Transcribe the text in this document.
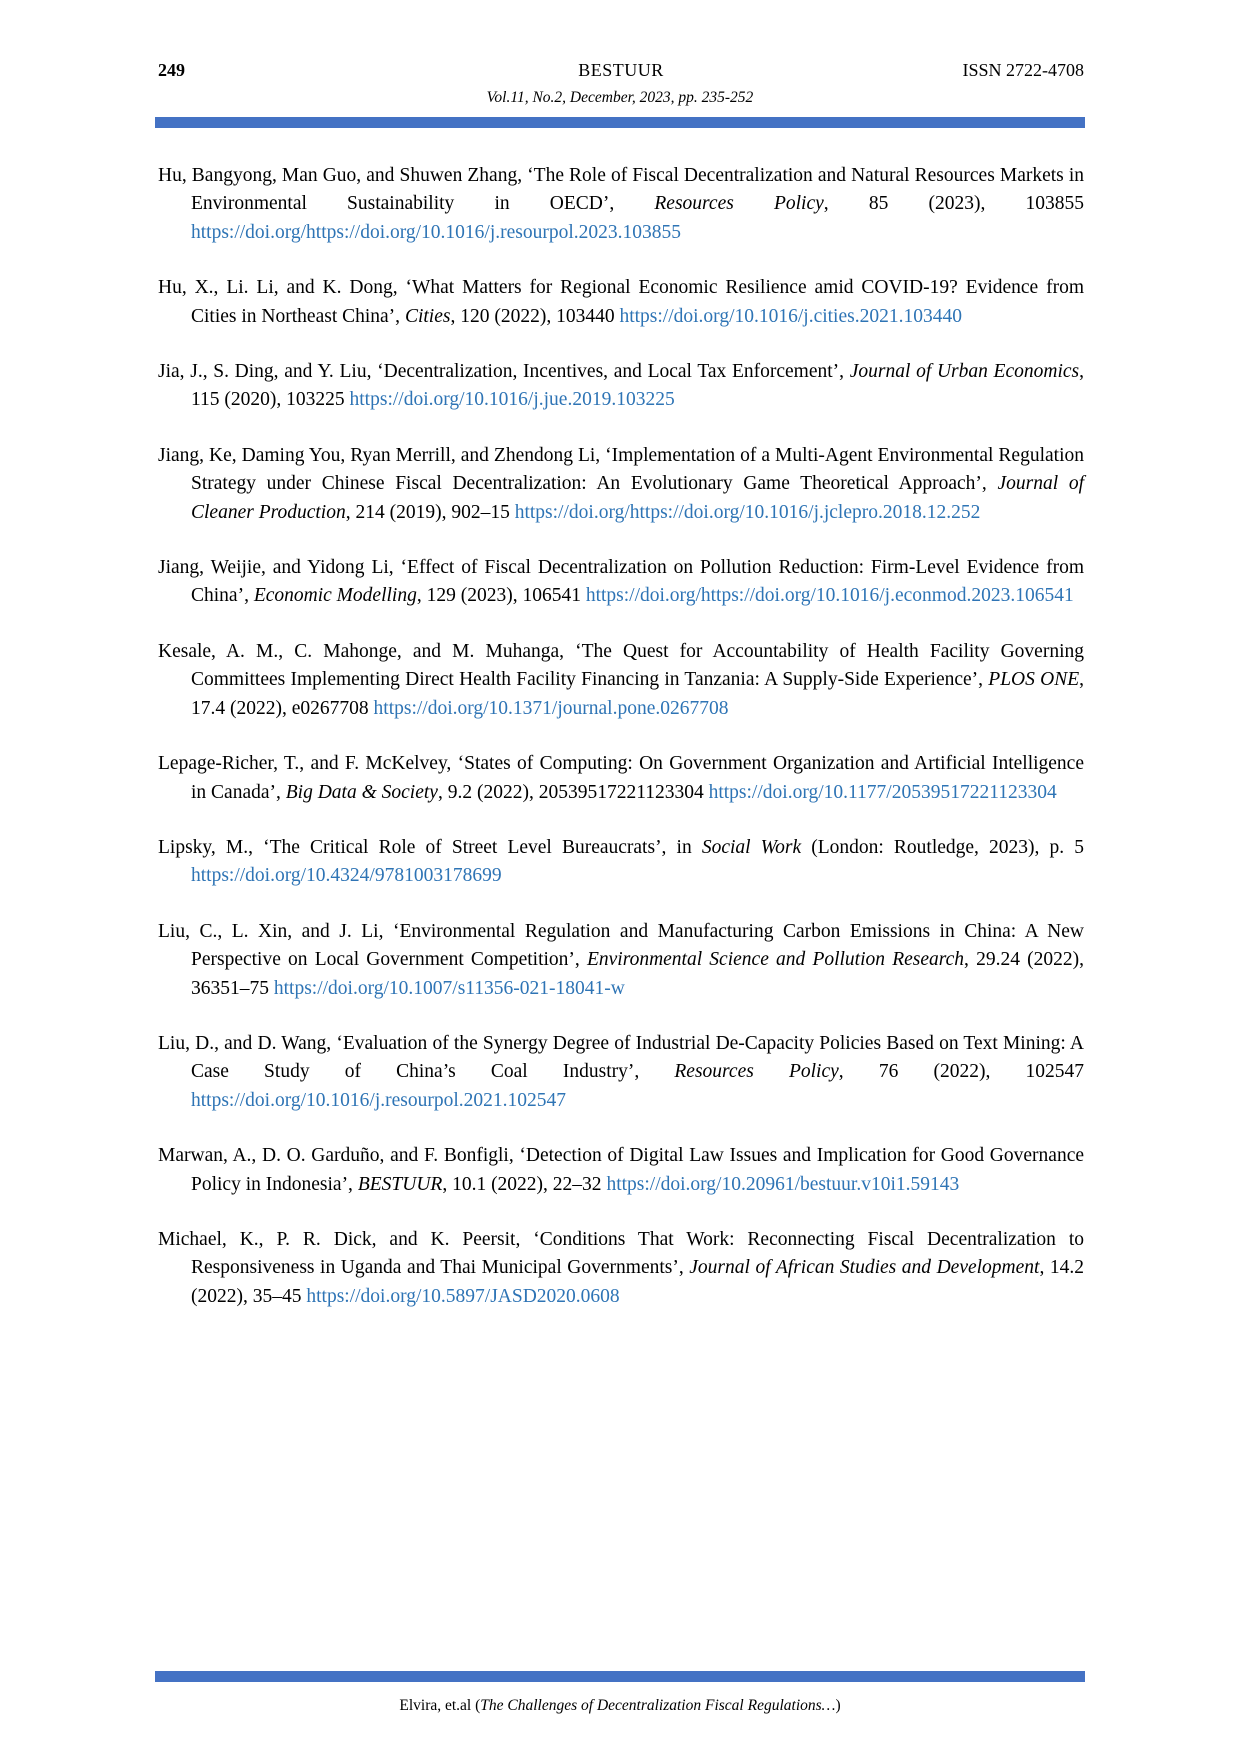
249	BESTUUR	ISSN 2722-4708
Vol.11, No.2, December, 2023, pp. 235-252

Hu, Bangyong, Man Guo, and Shuwen Zhang, ‘The Role of Fiscal Decentralization and Natural Resources Markets in Environmental Sustainability in OECD’, Resources Policy, 85 (2023), 103855 https://doi.org/https://doi.org/10.1016/j.resourpol.2023.103855

Hu, X., Li. Li, and K. Dong, ‘What Matters for Regional Economic Resilience amid COVID-19? Evidence from Cities in Northeast China’, Cities, 120 (2022), 103440 https://doi.org/10.1016/j.cities.2021.103440

Jia, J., S. Ding, and Y. Liu, ‘Decentralization, Incentives, and Local Tax Enforcement’, Journal of Urban Economics, 115 (2020), 103225 https://doi.org/10.1016/j.jue.2019.103225

Jiang, Ke, Daming You, Ryan Merrill, and Zhendong Li, ‘Implementation of a Multi-Agent Environmental Regulation Strategy under Chinese Fiscal Decentralization: An Evolutionary Game Theoretical Approach’, Journal of Cleaner Production, 214 (2019), 902–15 https://doi.org/https://doi.org/10.1016/j.jclepro.2018.12.252

Jiang, Weijie, and Yidong Li, ‘Effect of Fiscal Decentralization on Pollution Reduction: Firm-Level Evidence from China’, Economic Modelling, 129 (2023), 106541 https://doi.org/https://doi.org/10.1016/j.econmod.2023.106541

Kesale, A. M., C. Mahonge, and M. Muhanga, ‘The Quest for Accountability of Health Facility Governing Committees Implementing Direct Health Facility Financing in Tanzania: A Supply-Side Experience’, PLOS ONE, 17.4 (2022), e0267708 https://doi.org/10.1371/journal.pone.0267708

Lepage-Richer, T., and F. McKelvey, ‘States of Computing: On Government Organization and Artificial Intelligence in Canada’, Big Data & Society, 9.2 (2022), 20539517221123304 https://doi.org/10.1177/20539517221123304

Lipsky, M., ‘The Critical Role of Street Level Bureaucrats’, in Social Work (London: Routledge, 2023), p. 5 https://doi.org/10.4324/9781003178699

Liu, C., L. Xin, and J. Li, ‘Environmental Regulation and Manufacturing Carbon Emissions in China: A New Perspective on Local Government Competition’, Environmental Science and Pollution Research, 29.24 (2022), 36351–75 https://doi.org/10.1007/s11356-021-18041-w

Liu, D., and D. Wang, ‘Evaluation of the Synergy Degree of Industrial De-Capacity Policies Based on Text Mining: A Case Study of China’s Coal Industry’, Resources Policy, 76 (2022), 102547 https://doi.org/10.1016/j.resourpol.2021.102547

Marwan, A., D. O. Garduño, and F. Bonfigli, ‘Detection of Digital Law Issues and Implication for Good Governance Policy in Indonesia’, BESTUUR, 10.1 (2022), 22–32 https://doi.org/10.20961/bestuur.v10i1.59143

Michael, K., P. R. Dick, and K. Peersit, ‘Conditions That Work: Reconnecting Fiscal Decentralization to Responsiveness in Uganda and Thai Municipal Governments’, Journal of African Studies and Development, 14.2 (2022), 35–45 https://doi.org/10.5897/JASD2020.0608

Elvira, et.al (The Challenges of Decentralization Fiscal Regulations…)
